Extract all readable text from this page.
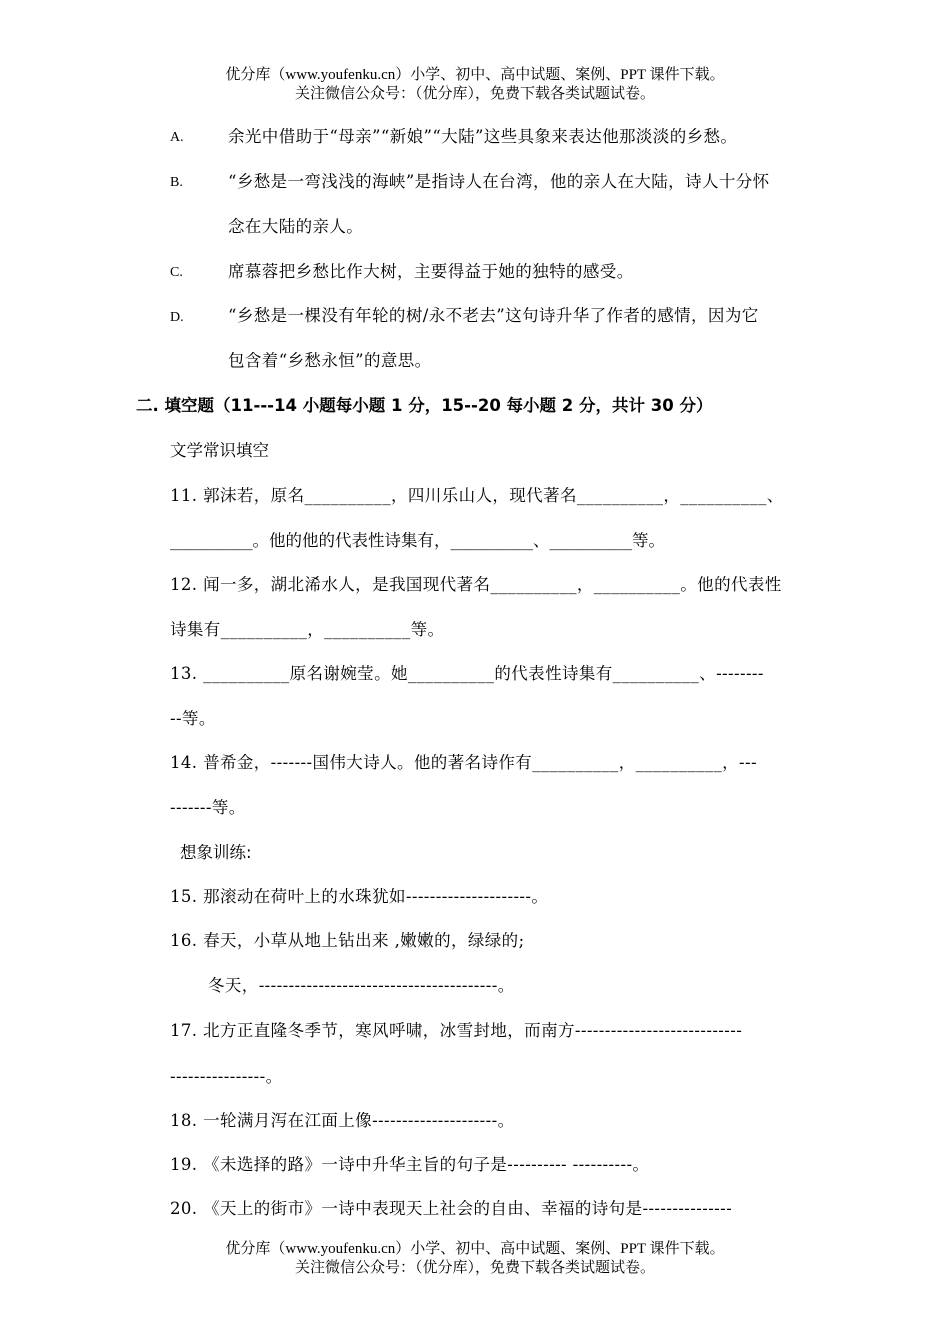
优分库（www.youfenku.cn）小学、初中、高中试题、案例、PPT 课件下载。
关注微信公众号：（优分库），免费下载各类试题试卷。
A.	余光中借助于“母亲”“新娘”“大陆”这些具象来表达他那淡淡的乡愁。
B.	“乡愁是一弯浅浅的海峡”是指诗人在台湾，他的亲人在大陆，诗人十分怀
念在大陆的亲人。
C.	席慕蓉把乡愁比作大树，主要得益于她的独特的感受。
D.	“乡愁是一棵没有年轮的树/永不老去”这句诗升华了作者的感情，因为它
包含着“乡愁永恒”的意思。
二. 填空题（11---14 小题每小题 1 分，15--20 每小题 2 分，共计 30 分）
文学常识填空
11. 郭沫若，原名__________，四川乐山人，现代著名__________，__________、
__________。他的他的代表性诗集有，__________、__________等。
12. 闻一多，湖北浠水人，是我国现代著名__________，__________。他的代表性
诗集有__________，__________等。
13. __________原名谢婉莹。她__________的代表性诗集有__________、--------
--等。
14. 普希金，-------国伟大诗人。他的著名诗作有__________，__________，---
-------等。
想象训练:
15. 那滚动在荷叶上的水珠犹如---------------------。
16. 春天，小草从地上钻出来 ,嫩嫩的，绿绿的;
冬天，----------------------------------------。
17. 北方正直隆冬季节，寒风呼啸，冰雪封地，而南方----------------------------
----------------。
18. 一轮满月泻在江面上像---------------------。
19. 《未选择的路》一诗中升华主旨的句子是---------- ----------。
20. 《天上的街市》一诗中表现天上社会的自由、幸福的诗句是---------------
优分库（www.youfenku.cn）小学、初中、高中试题、案例、PPT 课件下载。
关注微信公众号：（优分库），免费下载各类试题试卷。
